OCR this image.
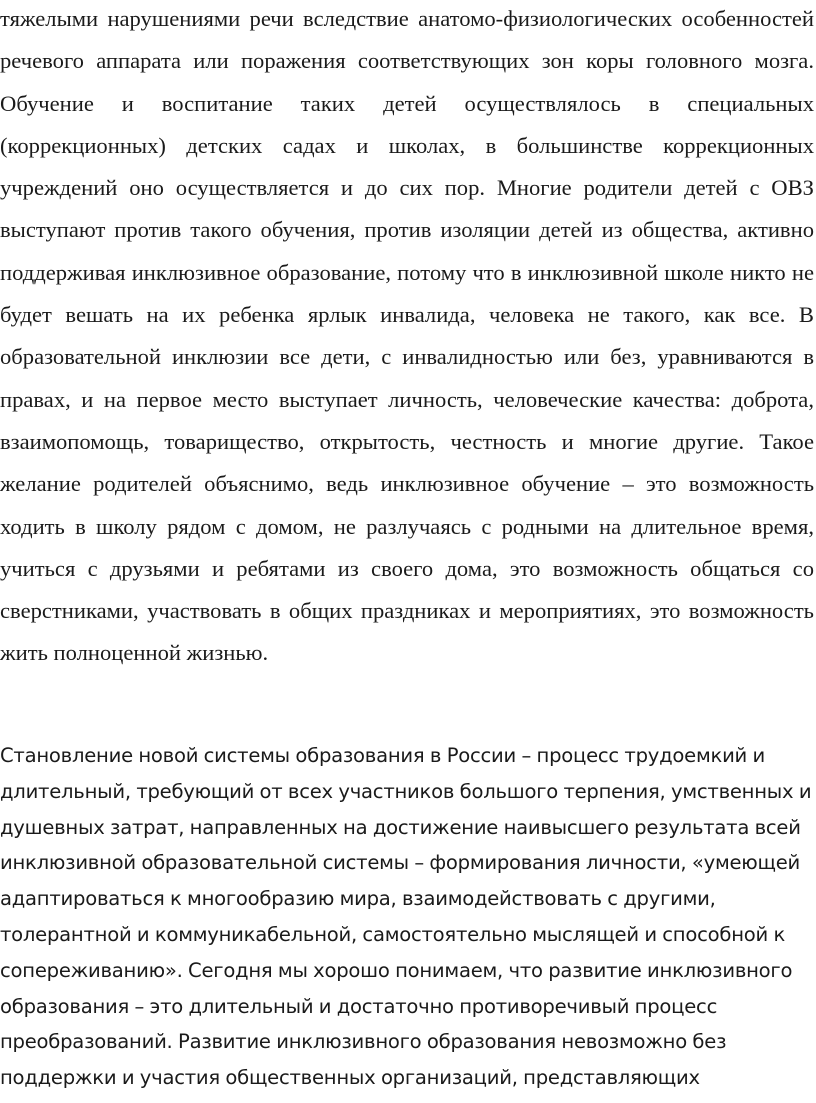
тяжелыми нарушениями речи вследствие анатомо-физиологических особенностей речевого аппарата или поражения соответствующих зон коры головного мозга. Обучение и воспитание таких детей осуществлялось в специальных (коррекционных) детских садах и школах, в большинстве коррекционных учреждений оно осуществляется и до сих пор. Многие родители детей с ОВЗ выступают против такого обучения, против изоляции детей из общества, активно поддерживая инклюзивное образование, потому что в инклюзивной школе никто не будет вешать на их ребенка ярлык инвалида, человека не такого, как все. В образовательной инклюзии все дети, с инвалидностью или без, уравниваются в правах, и на первое место выступает личность, человеческие качества: доброта, взаимопомощь, товарищество, открытость, честность и многие другие. Такое желание родителей объяснимо, ведь инклюзивное обучение – это возможность ходить в школу рядом с домом, не разлучаясь с родными на длительное время, учиться с друзьями и ребятами из своего дома, это возможность общаться со сверстниками, участвовать в общих праздниках и мероприятиях, это возможность жить полноценной жизнью.

Становление новой системы образования в России – процесс трудоемкий и длительный, требующий от всех участников большого терпения, умственных и душевных затрат, направленных на достижение наивысшего результата всей инклюзивной образовательной системы – формирования личности, «умеющей адаптироваться к многообразию мира, взаимодействовать с другими, толерантной и коммуникабельной, самостоятельно мыслящей и способной к сопереживанию». Сегодня мы хорошо понимаем, что развитие инклюзивного образования – это длительный и достаточно противоречивый процесс преобразований. Развитие инклюзивного образования невозможно без поддержки и участия общественных организаций, представляющих
